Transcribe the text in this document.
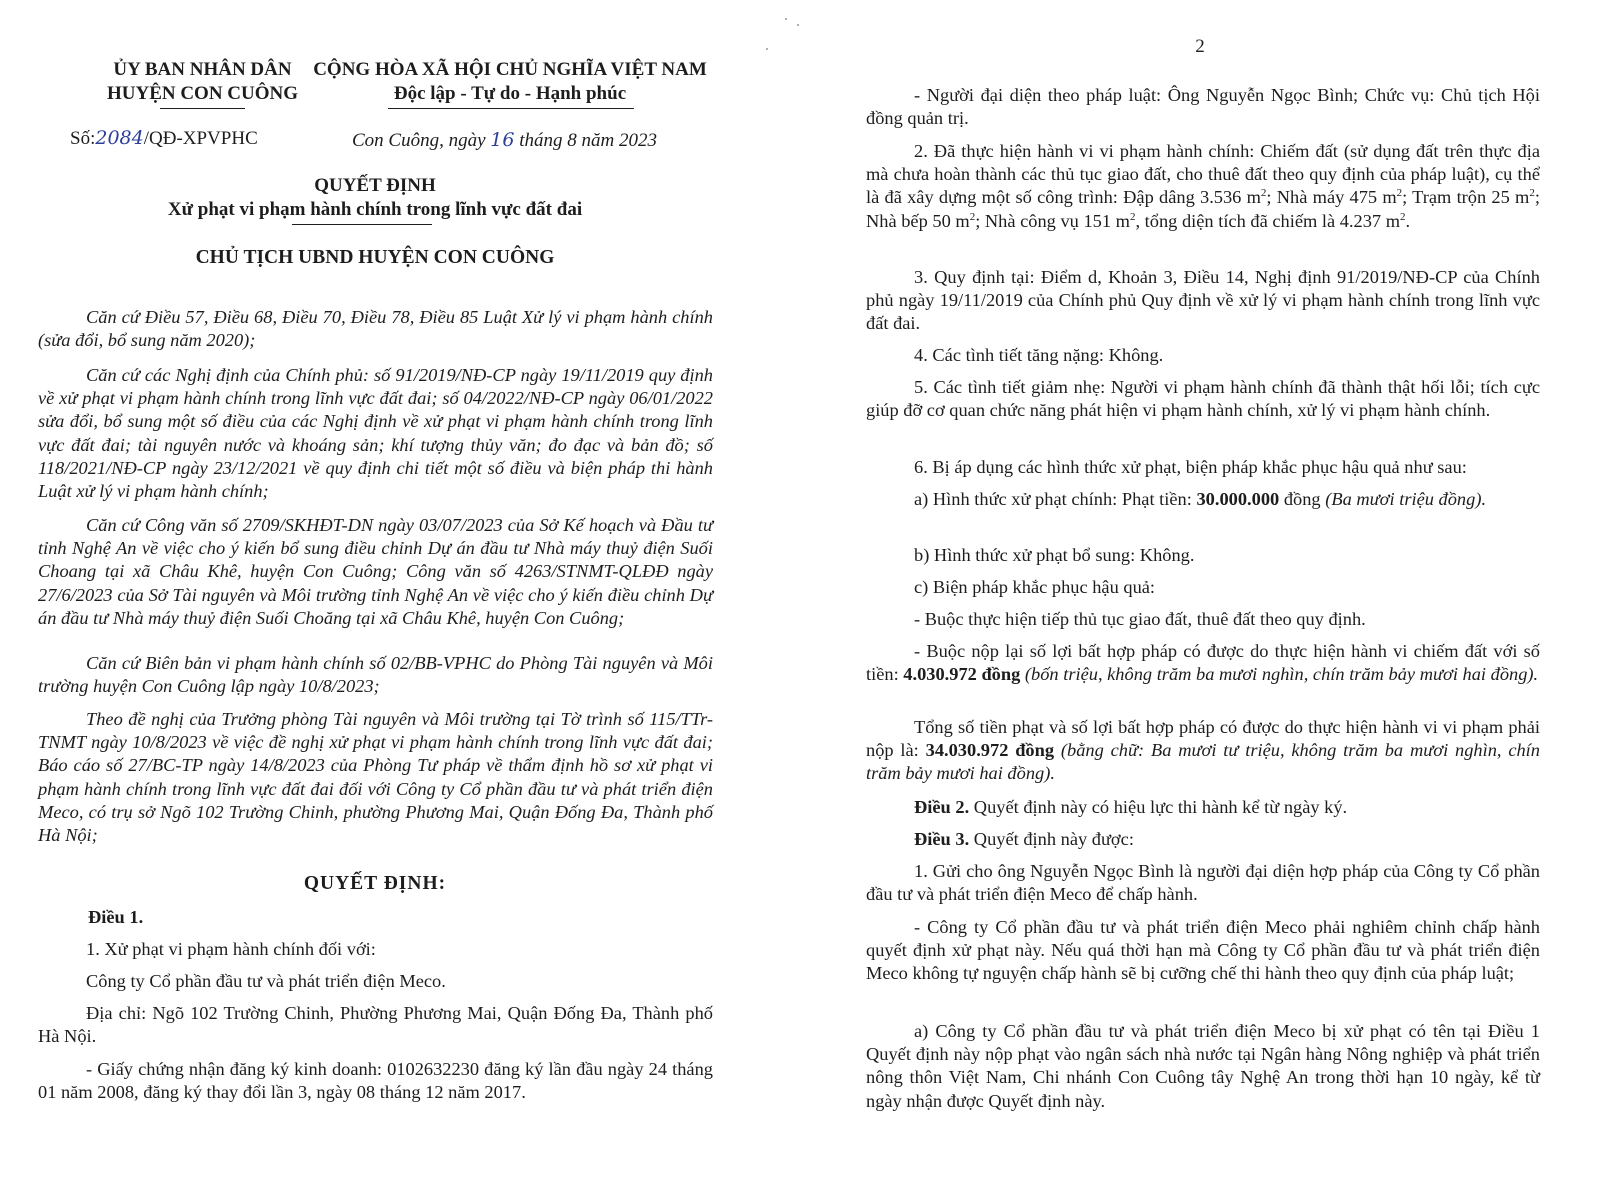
ỦY BAN NHÂN DÂN
HUYỆN CON CUÔNG
CỘNG HÒA XÃ HỘI CHỦ NGHĨA VIỆT NAM
Độc lập - Tự do - Hạnh phúc
Số:2084/QĐ-XPVPHC	Con Cuông, ngày 16 tháng 8 năm 2023
QUYẾT ĐỊNH
Xử phạt vi phạm hành chính trong lĩnh vực đất đai
CHỦ TỊCH UBND HUYỆN CON CUÔNG
Căn cứ Điều 57, Điều 68, Điều 70, Điều 78, Điều 85 Luật Xử lý vi phạm hành chính (sửa đổi, bổ sung năm 2020);
Căn cứ các Nghị định của Chính phủ: số 91/2019/NĐ-CP ngày 19/11/2019 quy định về xử phạt vi phạm hành chính trong lĩnh vực đất đai; số 04/2022/NĐ-CP ngày 06/01/2022 sửa đổi, bổ sung một số điều của các Nghị định về xử phạt vi phạm hành chính trong lĩnh vực đất đai; tài nguyên nước và khoáng sản; khí tượng thủy văn; đo đạc và bản đồ; số 118/2021/NĐ-CP ngày 23/12/2021 về quy định chi tiết một số điều và biện pháp thi hành Luật xử lý vi phạm hành chính;
Căn cứ Công văn số 2709/SKHĐT-DN ngày 03/07/2023 của Sở Kế hoạch và Đầu tư tỉnh Nghệ An về việc cho ý kiến bổ sung điều chỉnh Dự án đầu tư Nhà máy thuỷ điện Suối Choang tại xã Châu Khê, huyện Con Cuông; Công văn số 4263/STNMT-QLĐĐ ngày 27/6/2023 của Sở Tài nguyên và Môi trường tỉnh Nghệ An về việc cho ý kiến điều chỉnh Dự án đầu tư Nhà máy thuỷ điện Suối Choăng tại xã Châu Khê, huyện Con Cuông;
Căn cứ Biên bản vi phạm hành chính số 02/BB-VPHC do Phòng Tài nguyên và Môi trường huyện Con Cuông lập ngày 10/8/2023;
Theo đề nghị của Trưởng phòng Tài nguyên và Môi trường tại Tờ trình số 115/TTr-TNMT ngày 10/8/2023 về việc đề nghị xử phạt vi phạm hành chính trong lĩnh vực đất đai; Báo cáo số 27/BC-TP ngày 14/8/2023 của Phòng Tư pháp về thẩm định hồ sơ xử phạt vi phạm hành chính trong lĩnh vực đất đai đối với Công ty Cổ phần đầu tư và phát triển điện Meco, có trụ sở Ngõ 102 Trường Chinh, phường Phương Mai, Quận Đống Đa, Thành phố Hà Nội;
QUYẾT ĐỊNH:
Điều 1.
1. Xử phạt vi phạm hành chính đối với:
Công ty Cổ phần đầu tư và phát triển điện Meco.
Địa chỉ: Ngõ 102 Trường Chinh, Phường Phương Mai, Quận Đống Đa, Thành phố Hà Nội.
- Giấy chứng nhận đăng ký kinh doanh: 0102632230 đăng ký lần đầu ngày 24 tháng 01 năm 2008, đăng ký thay đổi lần 3, ngày 08 tháng 12 năm 2017.
2
- Người đại diện theo pháp luật: Ông Nguyễn Ngọc Bình; Chức vụ: Chủ tịch Hội đồng quản trị.
2. Đã thực hiện hành vi vi phạm hành chính: Chiếm đất (sử dụng đất trên thực địa mà chưa hoàn thành các thủ tục giao đất, cho thuê đất theo quy định của pháp luật), cụ thể là đã xây dựng một số công trình: Đập dâng 3.536 $m^2$; Nhà máy 475 $m^2$; Trạm trộn 25 $m^2$; Nhà bếp 50 $m^2$; Nhà công vụ 151 $m^2$, tổng diện tích đã chiếm là 4.237 $m^2$.
3. Quy định tại: Điểm d, Khoản 3, Điều 14, Nghị định 91/2019/NĐ-CP của Chính phủ ngày 19/11/2019 của Chính phủ Quy định về xử lý vi phạm hành chính trong lĩnh vực đất đai.
4. Các tình tiết tăng nặng: Không.
5. Các tình tiết giảm nhẹ: Người vi phạm hành chính đã thành thật hối lỗi; tích cực giúp đỡ cơ quan chức năng phát hiện vi phạm hành chính, xử lý vi phạm hành chính.
6. Bị áp dụng các hình thức xử phạt, biện pháp khắc phục hậu quả như sau:
a) Hình thức xử phạt chính: Phạt tiền: 30.000.000 đồng (Ba mươi triệu đồng).
b) Hình thức xử phạt bổ sung: Không.
c) Biện pháp khắc phục hậu quả:
- Buộc thực hiện tiếp thủ tục giao đất, thuê đất theo quy định.
- Buộc nộp lại số lợi bất hợp pháp có được do thực hiện hành vi chiếm đất với số tiền: 4.030.972 đồng (bốn triệu, không trăm ba mươi nghìn, chín trăm bảy mươi hai đồng).
Tổng số tiền phạt và số lợi bất hợp pháp có được do thực hiện hành vi vi phạm phải nộp là: 34.030.972 đồng (bằng chữ: Ba mươi tư triệu, không trăm ba mươi nghìn, chín trăm bảy mươi hai đồng).
Điều 2. Quyết định này có hiệu lực thi hành kể từ ngày ký.
Điều 3. Quyết định này được:
1. Gửi cho ông Nguyễn Ngọc Bình là người đại diện hợp pháp của Công ty Cổ phần đầu tư và phát triển điện Meco để chấp hành.
- Công ty Cổ phần đầu tư và phát triển điện Meco phải nghiêm chỉnh chấp hành quyết định xử phạt này. Nếu quá thời hạn mà Công ty Cổ phần đầu tư và phát triển điện Meco không tự nguyện chấp hành sẽ bị cưỡng chế thi hành theo quy định của pháp luật;
a) Công ty Cổ phần đầu tư và phát triển điện Meco bị xử phạt có tên tại Điều 1 Quyết định này nộp phạt vào ngân sách nhà nước tại Ngân hàng Nông nghiệp và phát triển nông thôn Việt Nam, Chi nhánh Con Cuông tây Nghệ An trong thời hạn 10 ngày, kể từ ngày nhận được Quyết định này.
